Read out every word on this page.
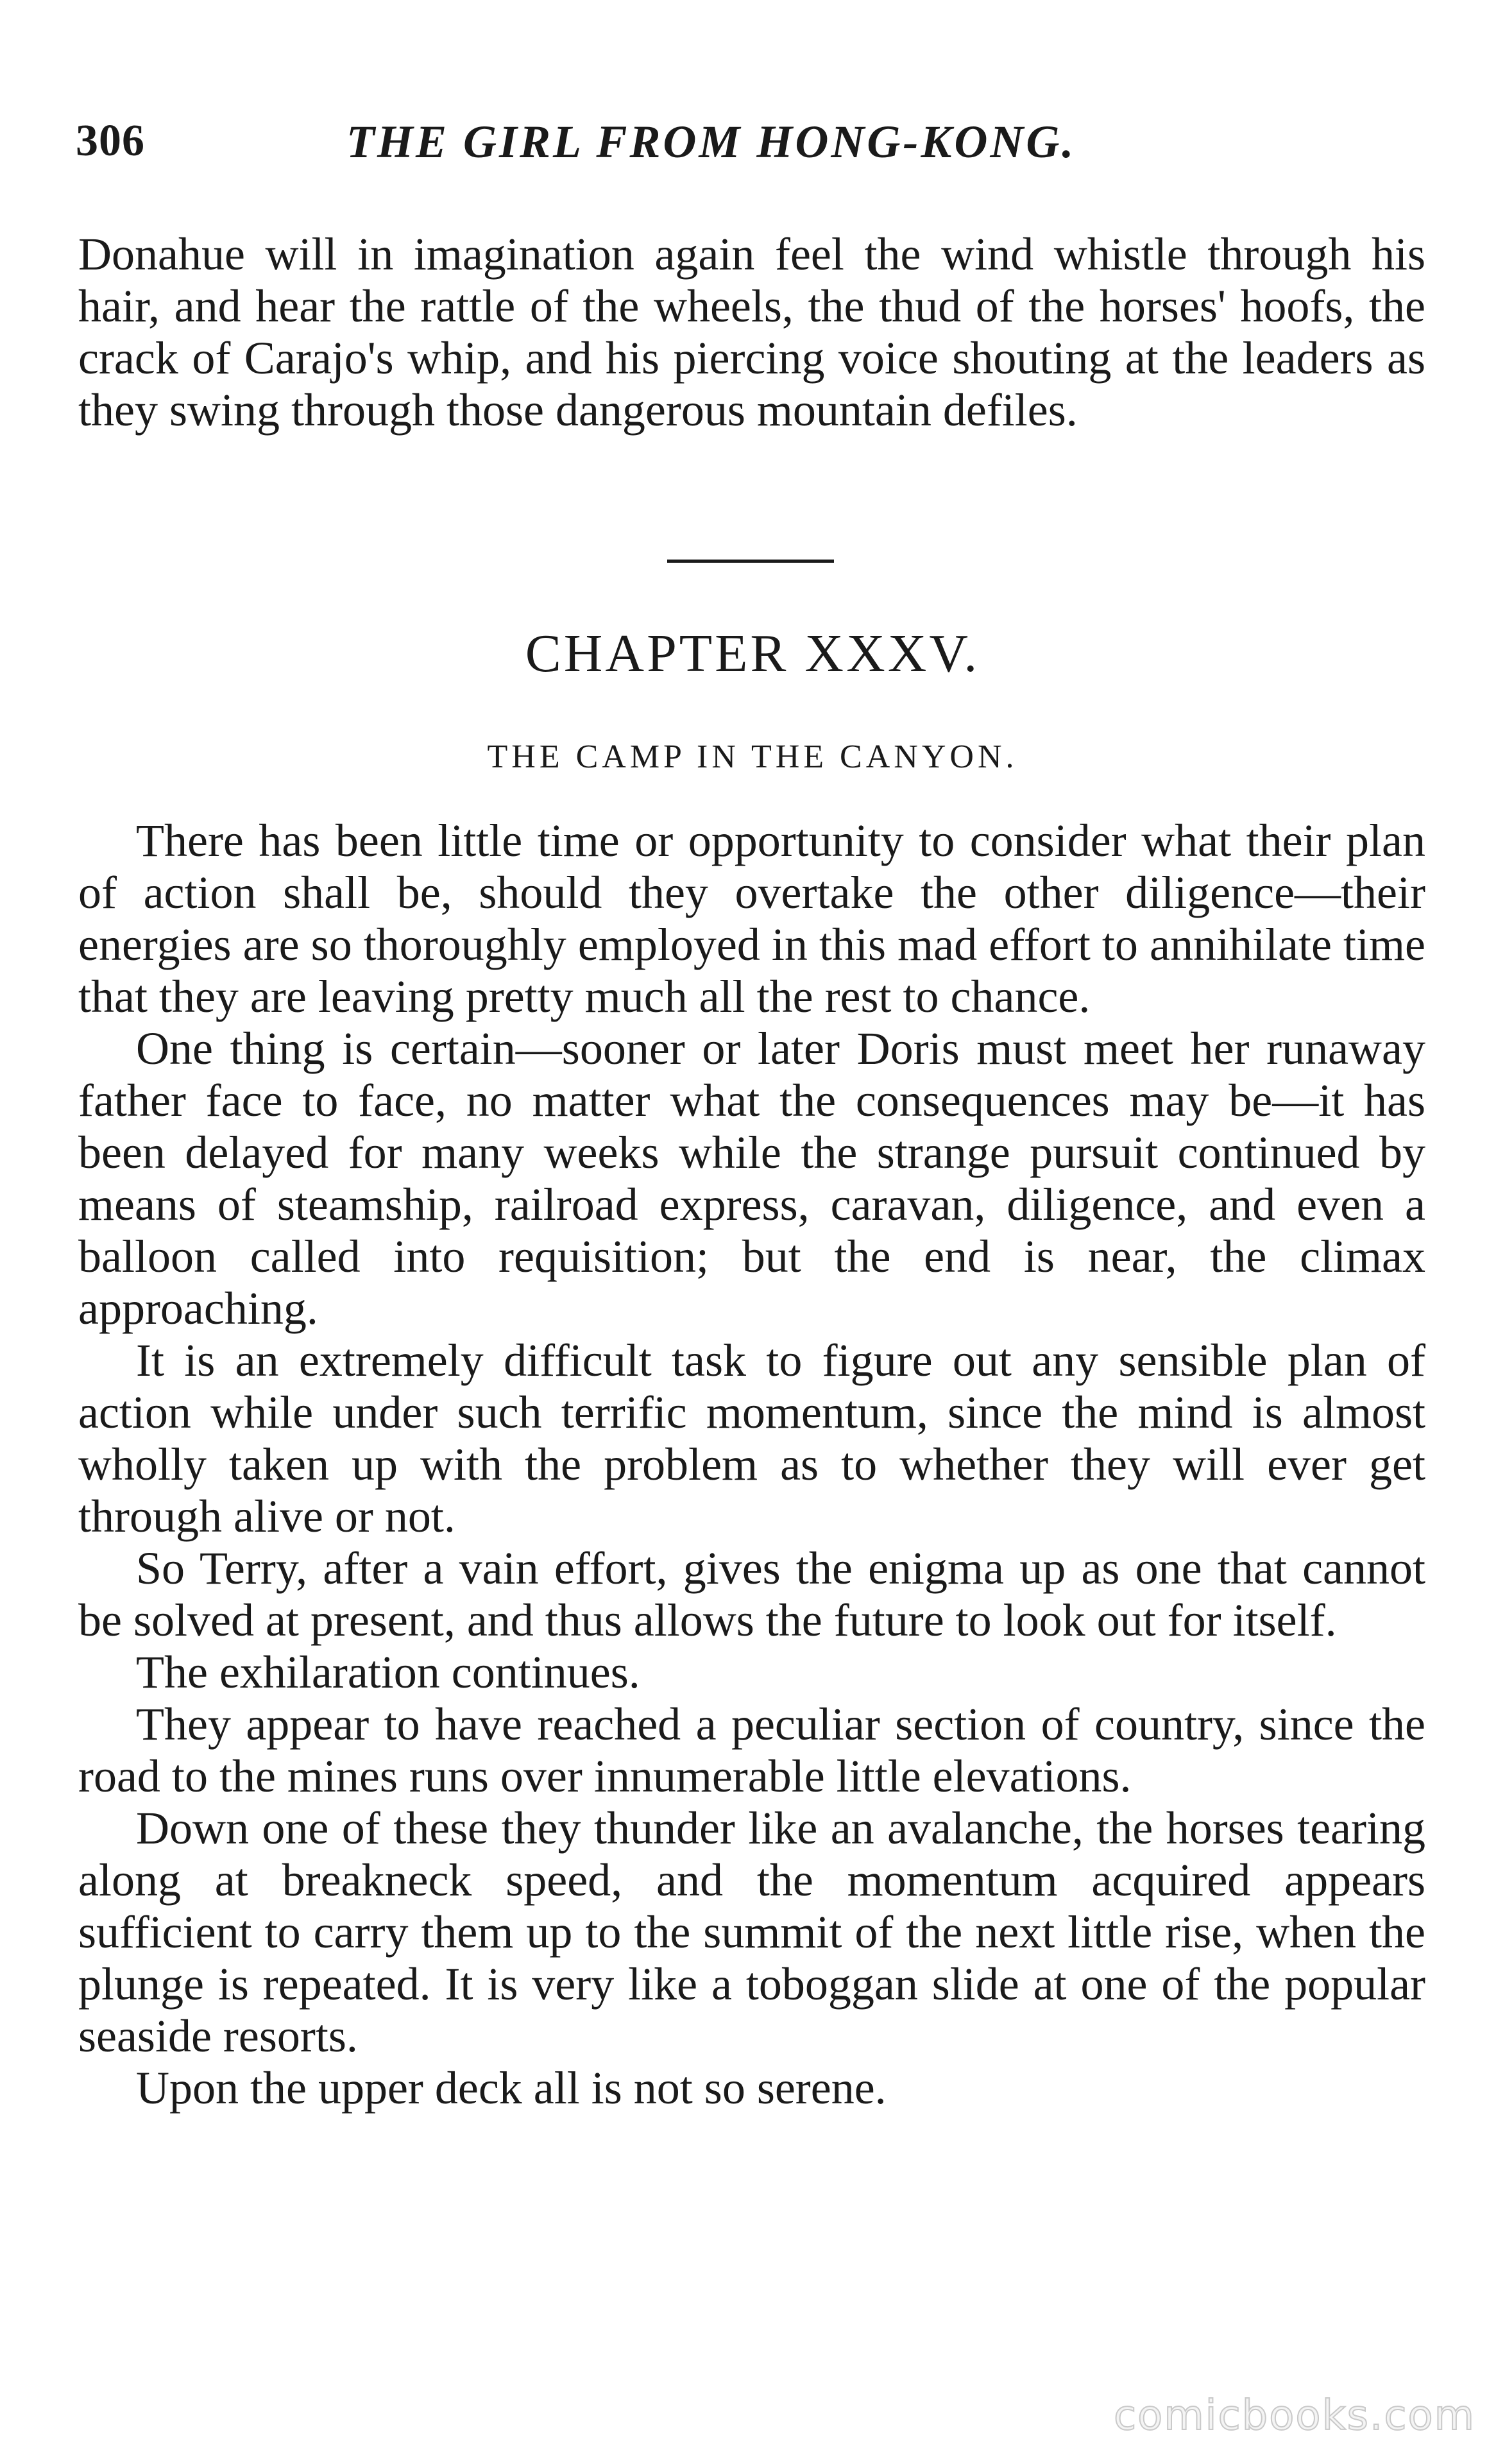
306	THE GIRL FROM HONG-KONG.

Donahue will in imagination again feel the wind whistle through his hair, and hear the rattle of the wheels, the thud of the horses' hoofs, the crack of Carajo's whip, and his piercing voice shouting at the leaders as they swing through those dangerous mountain defiles.

CHAPTER XXXV.
THE CAMP IN THE CANYON.

There has been little time or opportunity to consider what their plan of action shall be, should they overtake the other diligence—their energies are so thoroughly employed in this mad effort to annihilate time that they are leaving pretty much all the rest to chance.

One thing is certain—sooner or later Doris must meet her runaway father face to face, no matter what the consequences may be—it has been delayed for many weeks while the strange pursuit continued by means of steamship, railroad express, caravan, diligence, and even a balloon called into requisition; but the end is near, the climax approaching.

It is an extremely difficult task to figure out any sensible plan of action while under such terrific momentum, since the mind is almost wholly taken up with the problem as to whether they will ever get through alive or not.

So Terry, after a vain effort, gives the enigma up as one that cannot be solved at present, and thus allows the future to look out for itself.

The exhilaration continues.

They appear to have reached a peculiar section of country, since the road to the mines runs over innumerable little elevations.

Down one of these they thunder like an avalanche, the horses tearing along at breakneck speed, and the momentum acquired appears sufficient to carry them up to the summit of the next little rise, when the plunge is repeated. It is very like a toboggan slide at one of the popular seaside resorts.

Upon the upper deck all is not so serene.

comicbooks.com
